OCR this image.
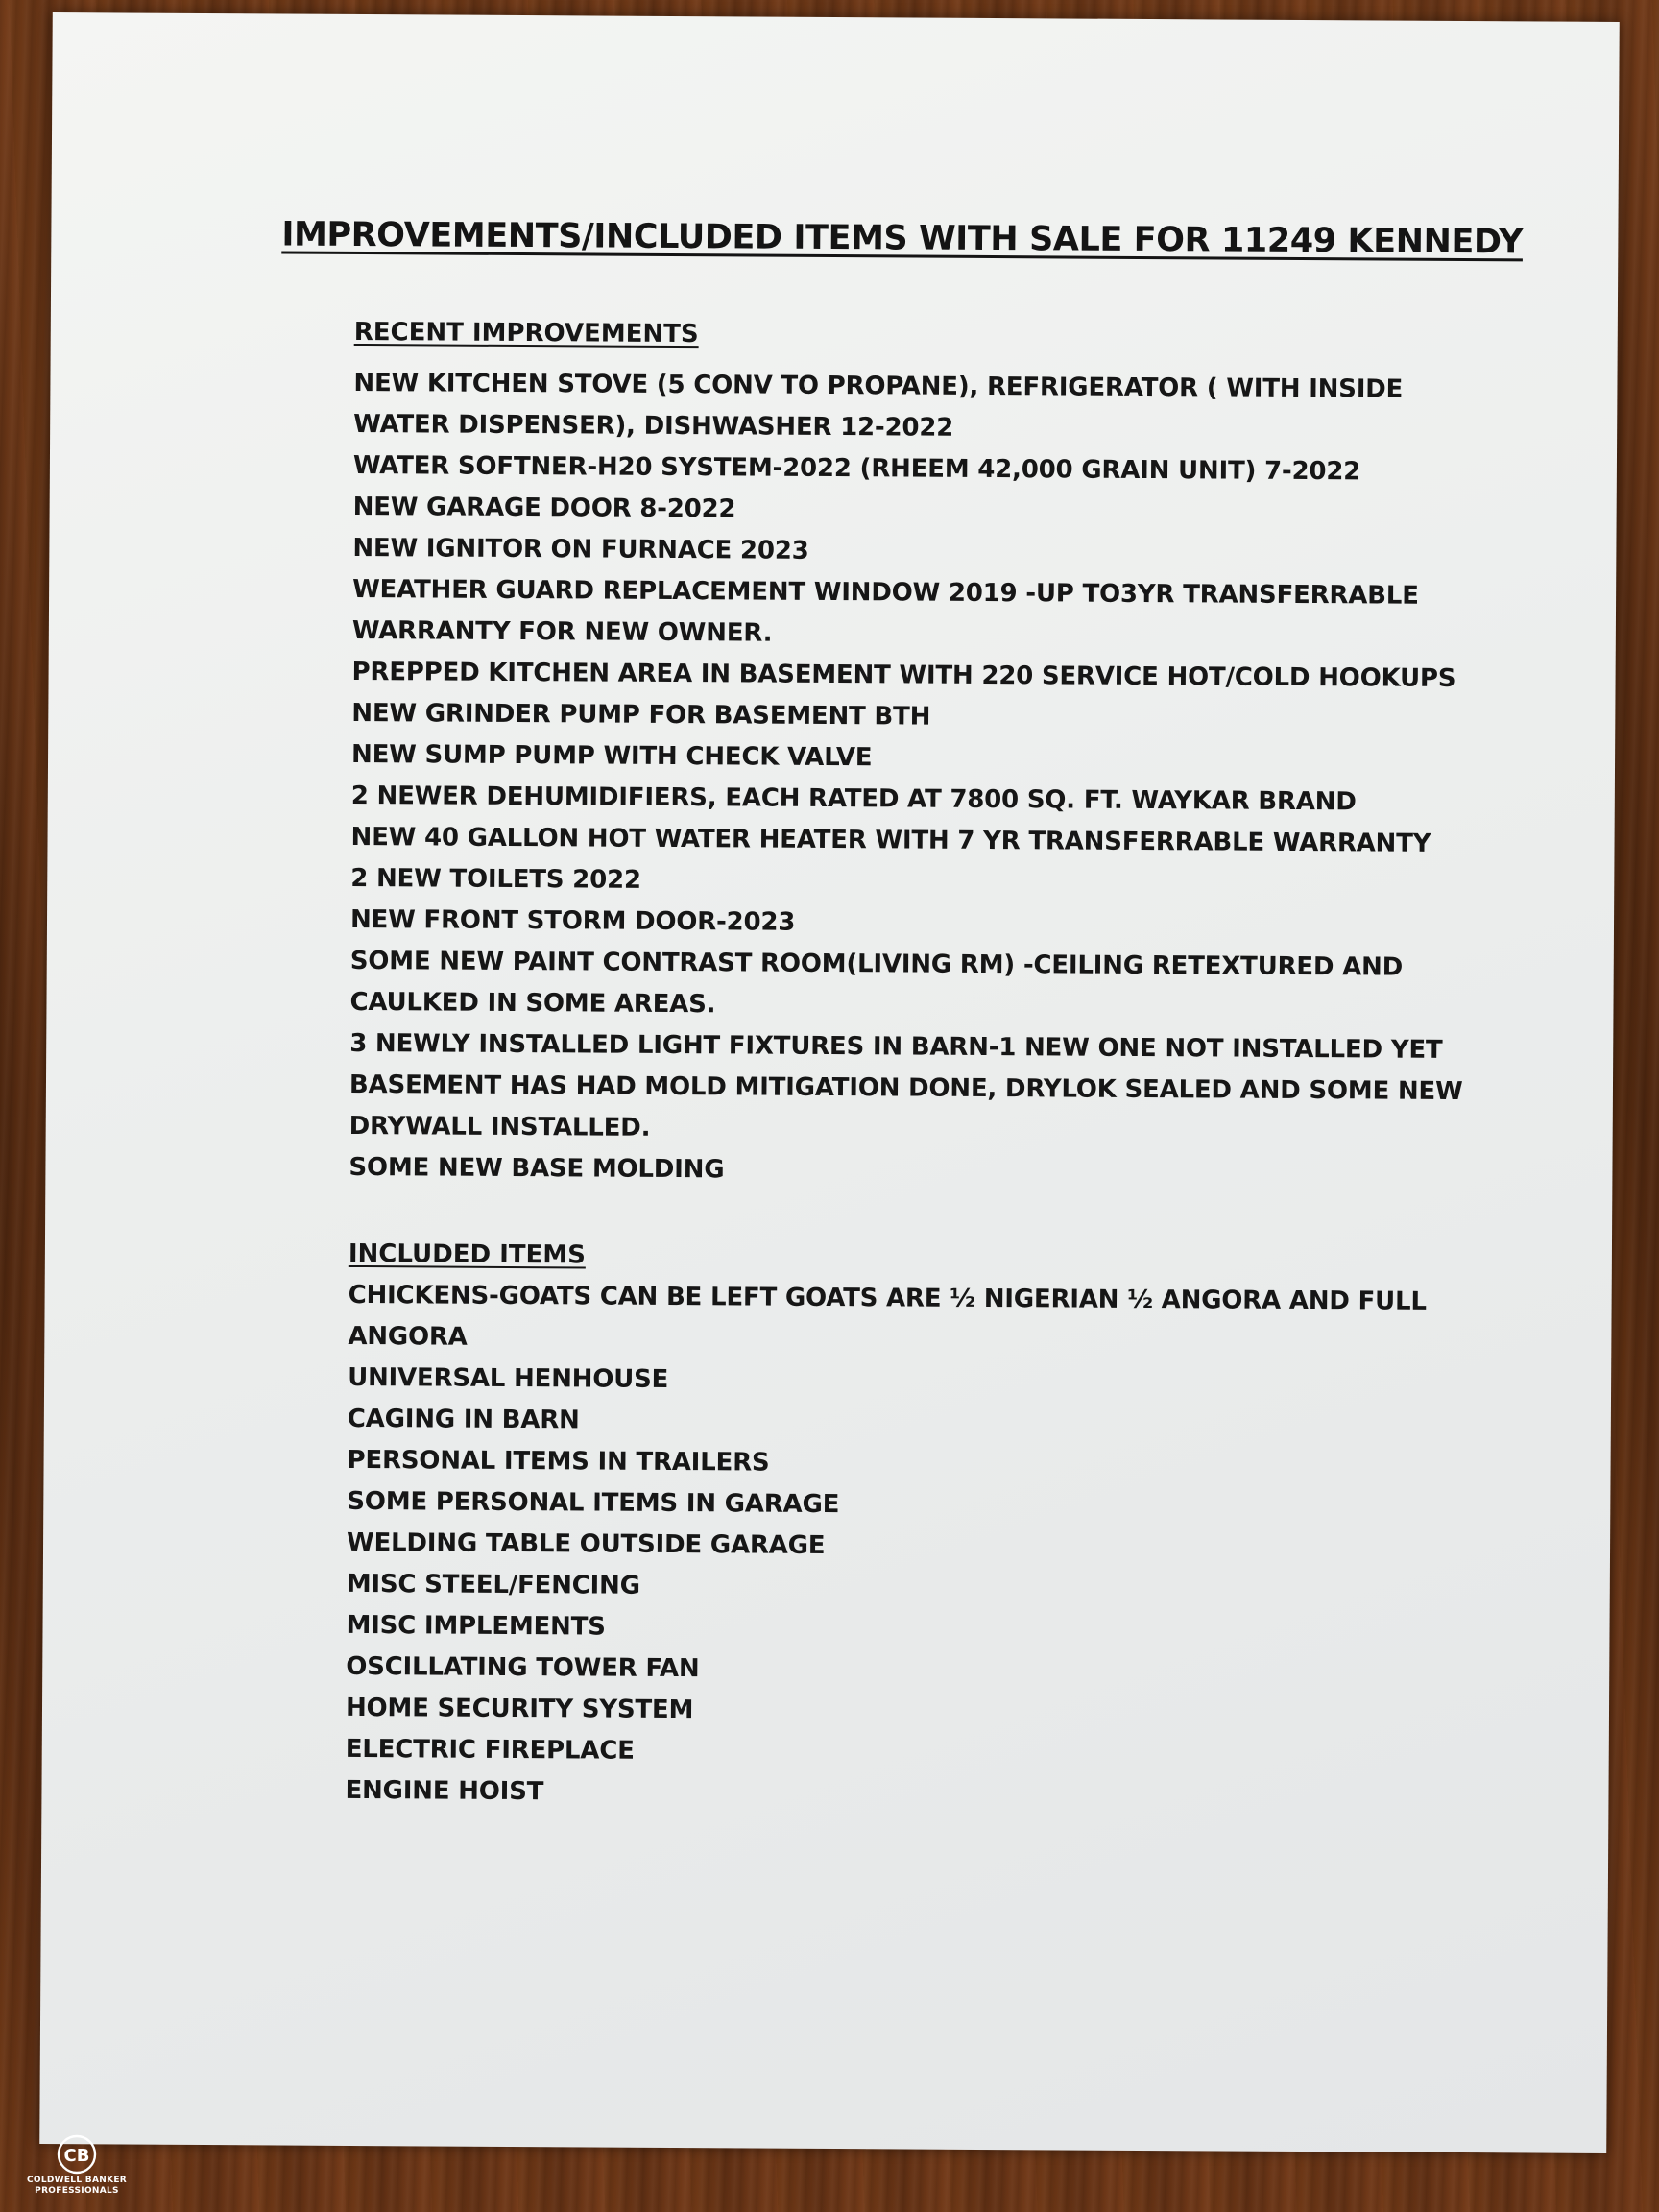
IMPROVEMENTS/INCLUDED ITEMS WITH SALE FOR 11249 KENNEDY
RECENT IMPROVEMENTS
NEW KITCHEN STOVE (5 CONV TO PROPANE), REFRIGERATOR ( WITH INSIDE WATER DISPENSER), DISHWASHER 12-2022
WATER SOFTNER-H20 SYSTEM-2022 (RHEEM 42,000 GRAIN UNIT) 7-2022
NEW GARAGE DOOR 8-2022
NEW IGNITOR ON FURNACE 2023
WEATHER GUARD REPLACEMENT WINDOW 2019 -UP TO3YR TRANSFERRABLE WARRANTY FOR NEW OWNER.
PREPPED KITCHEN AREA IN BASEMENT WITH 220 SERVICE HOT/COLD HOOKUPS
NEW GRINDER PUMP FOR BASEMENT BTH
NEW SUMP PUMP WITH CHECK VALVE
2 NEWER DEHUMIDIFIERS, EACH RATED AT 7800 SQ. FT. WAYKAR BRAND
NEW 40 GALLON HOT WATER HEATER WITH 7 YR TRANSFERRABLE WARRANTY
2 NEW TOILETS 2022
NEW FRONT STORM DOOR-2023
SOME NEW PAINT CONTRAST ROOM(LIVING RM) -CEILING RETEXTURED AND CAULKED IN SOME AREAS.
3 NEWLY INSTALLED LIGHT FIXTURES IN BARN-1 NEW ONE NOT INSTALLED YET
BASEMENT HAS HAD MOLD MITIGATION DONE, DRYLOK SEALED AND SOME NEW DRYWALL INSTALLED.
SOME NEW BASE MOLDING
INCLUDED ITEMS
CHICKENS-GOATS CAN BE LEFT GOATS ARE ½ NIGERIAN ½ ANGORA AND FULL ANGORA
UNIVERSAL HENHOUSE
CAGING IN BARN
PERSONAL ITEMS IN TRAILERS
SOME PERSONAL ITEMS IN GARAGE
WELDING TABLE OUTSIDE GARAGE
MISC STEEL/FENCING
MISC IMPLEMENTS
OSCILLATING TOWER FAN
HOME SECURITY SYSTEM
ELECTRIC FIREPLACE
ENGINE HOIST
CB
COLDWELL BANKER
PROFESSIONALS
